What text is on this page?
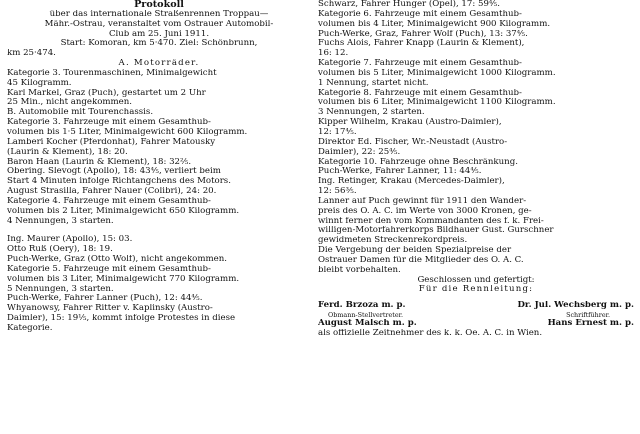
Protokoll
über das internationale Straßenrennen Troppau—
Mähr.-Ostrau, veranstaltet vom Ostrauer Automobil-
Club am 25. Juni 1911.
Start: Komoran, km 5·470. Ziel: Schönbrunn,
km 25·474.
A. Motorräder.
Kategorie 3. Tourenmaschinen, Minimalgewicht
45 Kilogramm.
Karl Markel, Graz (Puch), gestartet um 2 Uhr
25 Min., nicht angekommen.
B. Automobile mit Tourenchassis.
Kategorie 3. Fahrzeuge mit einem Gesamthub-
volumen bis 1·5 Liter, Minimalgewicht 600 Kilogramm.
Lamberi Kocher (Pferdonhat), Fahrer Matousky
(Laurin & Klement), 18: 20.
Baron Haan (Laurin & Klement), 18: 32⅖.
Obering. Slevogt (Apollo), 18: 43⅘, verliert beim
Start 4 Minuten infolge Richtangchens des Motors.
August Strasilla, Fahrer Nauer (Colibri), 24: 20.
Kategorie 4. Fahrzeuge mit einem Gesamthub-
volumen bis 2 Liter, Minimalgewicht 650 Kilogramm.
4 Nennungen, 3 starten.
Ing. Maurer (Apollo), 15: 03.
Otto Ruß (Oery), 18: 19.
Puch-Werke, Graz (Otto Wolf), nicht angekommen.
Kategorie 5. Fahrzeuge mit einem Gesamthub-
volumen bis 3 Liter, Minimalgewicht 770 Kilogramm.
5 Nennungen, 3 starten.
Puch-Werke, Fahrer Lanner (Puch), 12: 44⅘.
Whyanowsy, Fahrer Ritter v. Kaplinsky (Austro-
Daimler), 15: 19⅕, kommt infolge Protestes in diese
Kategorie.
Schwarz, Fahrer Hunger (Opel), 17: 59⅘.
Kategorie 6. Fahrzeuge mit einem Gesamthub-
volumen bis 4 Liter, Minimalgewicht 900 Kilogramm.
Puch-Werke, Graz, Fahrer Wolf (Puch), 13: 37⅘.
Fuchs Alois, Fahrer Knapp (Laurin & Klement),
16: 12.
Kategorie 7. Fahrzeuge mit einem Gesamthub-
volumen bis 5 Liter, Minimalgewicht 1000 Kilogramm.
1 Nennung, startet nicht.
Kategorie 8. Fahrzeuge mit einem Gesamthub-
volumen bis 6 Liter, Minimalgewicht 1100 Kilogramm.
3 Nennungen, 2 starten.
Kipper Wilhelm, Krakau (Austro-Daimler),
12: 17⅘.
Direktor Ed. Fischer, Wr.-Neustadt (Austro-
Daimler), 22: 25⅘.
Kategorie 10. Fahrzeuge ohne Beschränkung.
Puch-Werke, Fahrer Lanner, 11: 44⅘.
Ing. Retinger, Krakau (Mercedes-Daimler),
12: 56⅗.
Lanner auf Puch gewinnt für 1911 den Wander-
preis des Ö. A. C. im Werte von 3000 Kronen, ge-
winnt ferner den vom Kommandanten des f. k. Frei-
willigen-Motorfahrerkorps Bildhauer Gust. Gurschner
gewidmeten Streckenrekordpreis.
Die Vergebung der beiden Spezialpreise der
Ostrauer Damen für die Mitglieder des Ö. A. C.
bleibt vorbehalten.
Geschlossen und gefertigt:
Für die Rennleitung:
Ferd. Brzoza m. p.	Dr. Jul. Wechsberg m. p.
Obmann-Stellvertreter.	Schriftführer.
August Malsch m. p.	Hans Ernest m. p.
als offizielle Zeitnehmer des k. k. Öe. A. C. in Wien.
